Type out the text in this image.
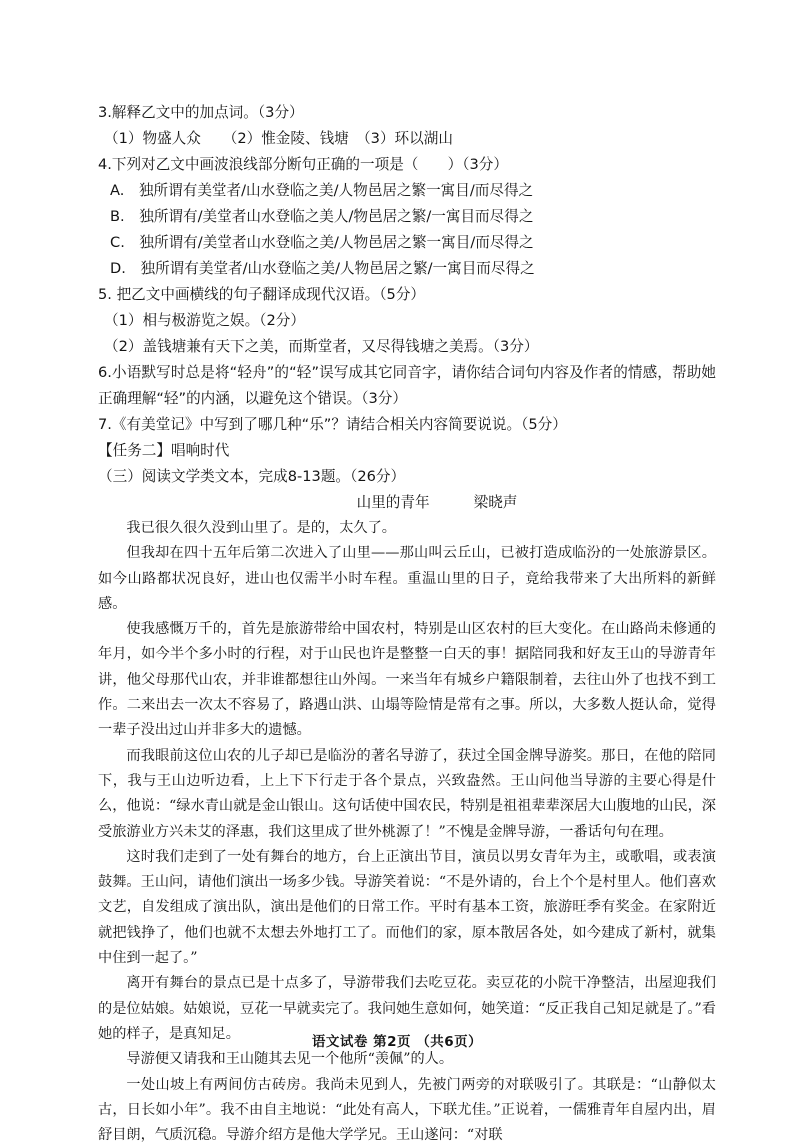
3.解释乙文中的加点词。（3分）
（1）物盛人众　　（2）惟金陵、钱塘　（3）环以湖山
4.下列对乙文中画波浪线部分断句正确的一项是（　　）（3分）
A.　独所谓有美堂者/山水登临之美/人物邑居之繁一寓目/而尽得之
B.　独所谓有/美堂者山水登临之美人/物邑居之繁/一寓目而尽得之
C.　独所谓有/美堂者山水登临之美/人物邑居之繁一寓目/而尽得之
D.　独所谓有美堂者/山水登临之美/人物邑居之繁/一寓目而尽得之
5. 把乙文中画横线的句子翻译成现代汉语。（5分）
（1）相与极游览之娱。（2分）
（2）盖钱塘兼有天下之美，而斯堂者，又尽得钱塘之美焉。（3分）
6.小语默写时总是将“轻舟”的“轻”误写成其它同音字，请你结合词句内容及作者的情感，帮助她正确理解“轻”的内涵，以避免这个错误。（3分）
7.《有美堂记》中写到了哪几种“乐”？请结合相关内容简要说说。（5分）
【任务二】唱响时代
（三）阅读文学类文本，完成8-13题。（26分）
山里的青年	梁晓声
我已很久很久没到山里了。是的，太久了。
但我却在四十五年后第二次进入了山里——那山叫云丘山，已被打造成临汾的一处旅游景区。如今山路都状况良好，进山也仅需半小时车程。重温山里的日子，竟给我带来了大出所料的新鲜感。
使我感慨万千的，首先是旅游带给中国农村，特别是山区农村的巨大变化。在山路尚未修通的年月，如今半个多小时的行程，对于山民也许是整整一白天的事！据陪同我和好友王山的导游青年讲，他父母那代山农，并非谁都想往山外闯。一来当年有城乡户籍限制着，去往山外了也找不到工作。二来出去一次太不容易了，路遇山洪、山塌等险情是常有之事。所以，大多数人挺认命，觉得一辈子没出过山并非多大的遗憾。
而我眼前这位山农的儿子却已是临汾的著名导游了，获过全国金牌导游奖。那日，在他的陪同下，我与王山边听边看，上上下下行走于各个景点，兴致盎然。王山问他当导游的主要心得是什么，他说：“绿水青山就是金山银山。这句话使中国农民，特别是祖祖辈辈深居大山腹地的山民，深受旅游业方兴未艾的泽惠，我们这里成了世外桃源了！”不愧是金牌导游，一番话句句在理。
这时我们走到了一处有舞台的地方，台上正演出节目，演员以男女青年为主，或歌唱，或表演鼓舞。王山问，请他们演出一场多少钱。导游笑着说：“不是外请的，台上个个是村里人。他们喜欢文艺，自发组成了演出队，演出是他们的日常工作。平时有基本工资，旅游旺季有奖金。在家附近就把钱挣了，他们也就不太想去外地打工了。而他们的家，原本散居各处，如今建成了新村，就集中住到一起了。”
离开有舞台的景点已是十点多了，导游带我们去吃豆花。卖豆花的小院干净整洁，出屋迎我们的是位姑娘。姑娘说，豆花一早就卖完了。我问她生意如何，她笑道：“反正我自己知足就是了。”看她的样子，是真知足。
导游便又请我和王山随其去见一个他所“羡佩”的人。
一处山坡上有两间仿古砖房。我尚未见到人，先被门两旁的对联吸引了。其联是：“山静似太古，日长如小年”。我不由自主地说：“此处有高人，下联尤佳。”正说着，一儒雅青年自屋内出，眉舒目朗，气质沉稳。导游介绍方是他大学学兄。王山遂问：“对联
语文试卷 第2页 （共6页）
